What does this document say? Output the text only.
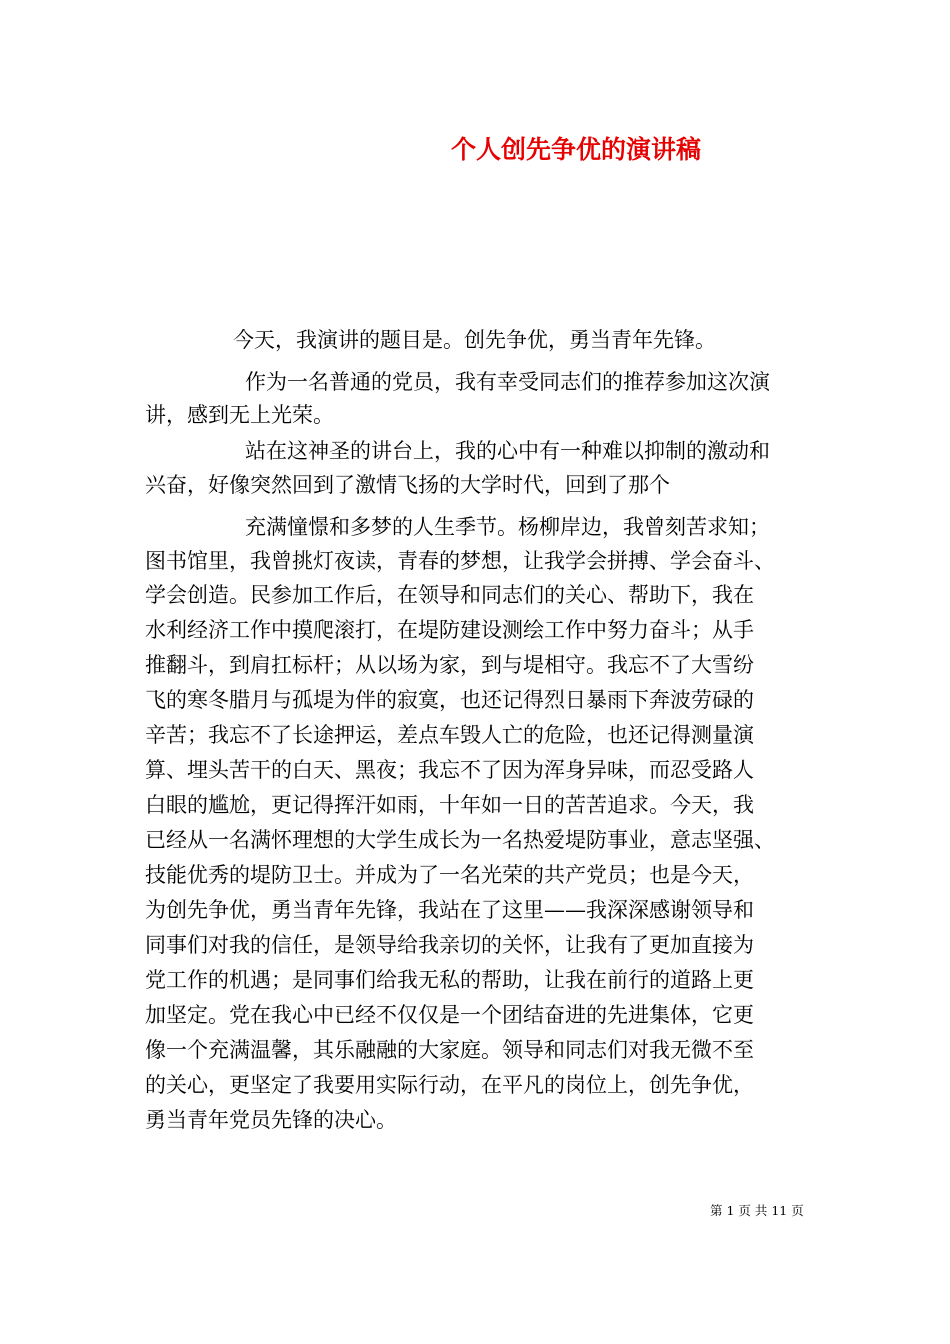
个人创先争优的演讲稿

今天，我演讲的题目是。创先争优，勇当青年先锋。

作为一名普通的党员，我有幸受同志们的推荐参加这次演

讲，感到无上光荣。

站在这神圣的讲台上，我的心中有一种难以抑制的激动和

兴奋，好像突然回到了激情飞扬的大学时代，回到了那个

充满憧憬和多梦的人生季节。杨柳岸边，我曾刻苦求知；

图书馆里，我曾挑灯夜读，青春的梦想，让我学会拼搏、学会奋斗、

学会创造。民参加工作后，在领导和同志们的关心、帮助下，我在

水利经济工作中摸爬滚打，在堤防建设测绘工作中努力奋斗；从手

推翻斗，到肩扛标杆；从以场为家，到与堤相守。我忘不了大雪纷

飞的寒冬腊月与孤堤为伴的寂寞，也还记得烈日暴雨下奔波劳碌的

辛苦；我忘不了长途押运，差点车毁人亡的危险，也还记得测量演

算、埋头苦干的白天、黑夜；我忘不了因为浑身异味，而忍受路人

白眼的尴尬，更记得挥汗如雨，十年如一日的苦苦追求。今天，我

已经从一名满怀理想的大学生成长为一名热爱堤防事业，意志坚强、

技能优秀的堤防卫士。并成为了一名光荣的共产党员；也是今天，

为创先争优，勇当青年先锋，我站在了这里——我深深感谢领导和

同事们对我的信任，是领导给我亲切的关怀，让我有了更加直接为

党工作的机遇；是同事们给我无私的帮助，让我在前行的道路上更

加坚定。党在我心中已经不仅仅是一个团结奋进的先进集体，它更

像一个充满温馨，其乐融融的大家庭。领导和同志们对我无微不至

的关心，更坚定了我要用实际行动，在平凡的岗位上，创先争优，

勇当青年党员先锋的决心。

第 1 页 共 11 页
